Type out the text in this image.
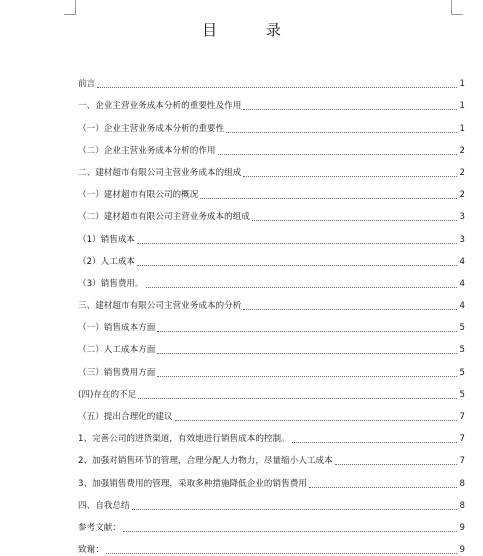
目 录
前言	1
一、企业主营业务成本分析的重要性及作用	1
（一）企业主营业务成本分析的重要性	1
（二）企业主营业务成本分析的作用	2
二、建材超市有限公司主营业务成本的组成	2
（一）建材超市有限公司的概况	2
（二）建材超市有限公司主营业务成本的组成	3
（1）销售成本	3
（2）人工成本	4
（3）销售费用。	4
三、建材超市有限公司主营业务成本的分析	4
（一）销售成本方面	5
（二）人工成本方面	5
（三）销售费用方面	5
(四)存在的不足	5
（五）提出合理化的建议	7
1、完善公司的进货渠道，有效地进行销售成本的控制。	7
2、加强对销售环节的管理，合理分配人力物力，尽量缩小人工成本	7
3、加强销售费用的管理，采取多种措施降低企业的销售费用	8
四、自我总结	8
参考文献：	9
致谢：	9
